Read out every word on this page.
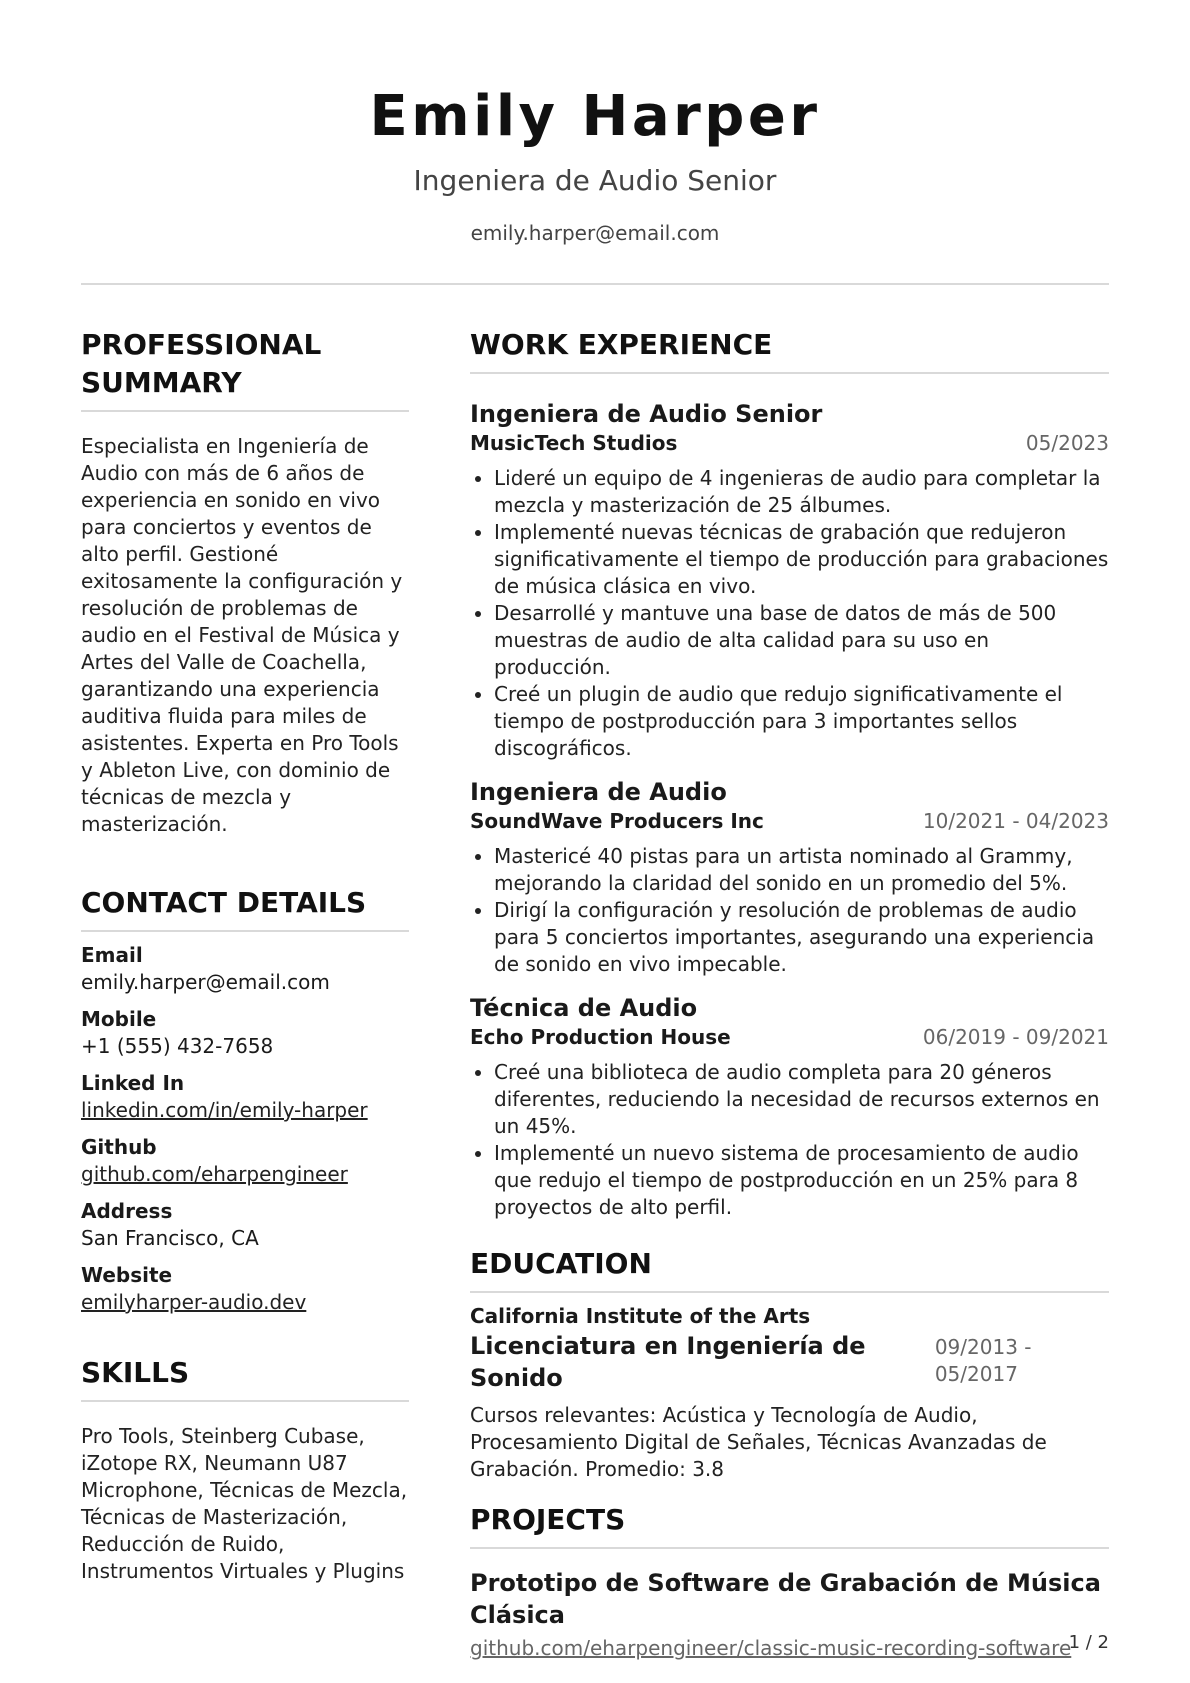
Emily Harper
Ingeniera de Audio Senior
emily.harper@email.com
PROFESSIONAL SUMMARY
Especialista en Ingeniería de Audio con más de 6 años de experiencia en sonido en vivo para conciertos y eventos de alto perfil. Gestioné exitosamente la configuración y resolución de problemas de audio en el Festival de Música y Artes del Valle de Coachella, garantizando una experiencia auditiva fluida para miles de asistentes. Experta en Pro Tools y Ableton Live, con dominio de técnicas de mezcla y masterización.
CONTACT DETAILS
Email
emily.harper@email.com
Mobile
+1 (555) 432-7658
Linked In
linkedin.com/in/emily-harper
Github
github.com/eharpengineer
Address
San Francisco, CA
Website
emilyharper-audio.dev
SKILLS
Pro Tools, Steinberg Cubase, iZotope RX, Neumann U87 Microphone, Técnicas de Mezcla, Técnicas de Masterización, Reducción de Ruido, Instrumentos Virtuales y Plugins
WORK EXPERIENCE
Ingeniera de Audio Senior
MusicTech Studios	05/2023
• Lideré un equipo de 4 ingenieras de audio para completar la mezcla y masterización de 25 álbumes.
• Implementé nuevas técnicas de grabación que redujeron significativamente el tiempo de producción para grabaciones de música clásica en vivo.
• Desarrollé y mantuve una base de datos de más de 500 muestras de audio de alta calidad para su uso en producción.
• Creé un plugin de audio que redujo significativamente el tiempo de postproducción para 3 importantes sellos discográficos.
Ingeniera de Audio
SoundWave Producers Inc	10/2021 - 04/2023
• Mastericé 40 pistas para un artista nominado al Grammy, mejorando la claridad del sonido en un promedio del 5%.
• Dirigí la configuración y resolución de problemas de audio para 5 conciertos importantes, asegurando una experiencia de sonido en vivo impecable.
Técnica de Audio
Echo Production House	06/2019 - 09/2021
• Creé una biblioteca de audio completa para 20 géneros diferentes, reduciendo la necesidad de recursos externos en un 45%.
• Implementé un nuevo sistema de procesamiento de audio que redujo el tiempo de postproducción en un 25% para 8 proyectos de alto perfil.
EDUCATION
California Institute of the Arts
Licenciatura en Ingeniería de Sonido
09/2013 - 05/2017
Cursos relevantes: Acústica y Tecnología de Audio, Procesamiento Digital de Señales, Técnicas Avanzadas de Grabación. Promedio: 3.8
PROJECTS
Prototipo de Software de Grabación de Música Clásica
github.com/eharpengineer/classic-music-recording-software
1 / 2
